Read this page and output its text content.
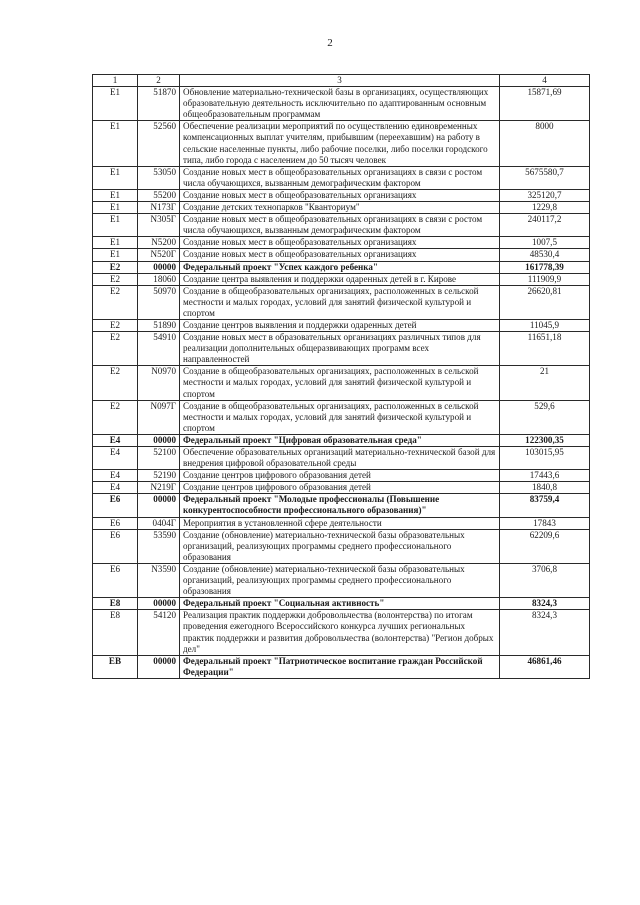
2
1	2	3	4
E1	51870	Обновление материально-технической базы в организациях, осуществляющих образовательную деятельность исключительно по адаптированным основным общеобразовательным программам	15871,69
E1	52560	Обеспечение реализации мероприятий по осуществлению единовременных компенсационных выплат учителям, прибывшим (переехавшим) на работу в сельские населенные пункты, либо рабочие поселки, либо поселки городского типа, либо города с населением до 50 тысяч человек	8000
E1	53050	Создание новых мест в общеобразовательных организациях в связи с ростом числа обучающихся, вызванным демографическим фактором	5675580,7
E1	55200	Создание новых мест в общеобразовательных организациях	325120,7
E1	N173Г	Создание детских технопарков "Кванториум"	1229,8
E1	N305Г	Создание новых мест в общеобразовательных организациях в связи с ростом числа обучающихся, вызванным демографическим фактором	240117,2
E1	N5200	Создание новых мест в общеобразовательных организациях	1007,5
E1	N520Г	Создание новых мест в общеобразовательных организациях	48530,4
E2	00000	Федеральный проект "Успех каждого ребенка"	161778,39
E2	18060	Создание центра выявления и поддержки одаренных детей в г. Кирове	111909,9
E2	50970	Создание в общеобразовательных организациях, расположенных в сельской местности и малых городах, условий для занятий физической культурой и спортом	26620,81
E2	51890	Создание центров выявления и поддержки одаренных детей	11045,9
E2	54910	Создание новых мест в образовательных организациях различных типов для реализации дополнительных общеразвивающих программ всех направленностей	11651,18
E2	N0970	Создание в общеобразовательных организациях, расположенных в сельской местности и малых городах, условий для занятий физической культурой и спортом	21
E2	N097Г	Создание в общеобразовательных организациях, расположенных в сельской местности и малых городах, условий для занятий физической культурой и спортом	529,6
E4	00000	Федеральный проект "Цифровая образовательная среда"	122300,35
E4	52100	Обеспечение образовательных организаций материально-технической базой для внедрения цифровой образовательной среды	103015,95
E4	52190	Создание центров цифрового образования детей	17443,6
E4	N219Г	Создание центров цифрового образования детей	1840,8
E6	00000	Федеральный проект "Молодые профессионалы (Повышение конкурентоспособности профессионального образования)"	83759,4
E6	0404Г	Мероприятия в установленной сфере деятельности	17843
E6	53590	Создание (обновление) материально-технической базы образовательных организаций, реализующих программы среднего профессионального образования	62209,6
E6	N3590	Создание (обновление) материально-технической базы образовательных организаций, реализующих программы среднего профессионального образования	3706,8
E8	00000	Федеральный проект "Социальная активность"	8324,3
E8	54120	Реализация практик поддержки добровольчества (волонтерства) по итогам проведения ежегодного Всероссийского конкурса лучших региональных практик поддержки и развития добровольчества (волонтерства) "Регион добрых дел"	8324,3
EB	00000	Федеральный проект "Патриотическое воспитание граждан Российской Федерации"	46861,46
